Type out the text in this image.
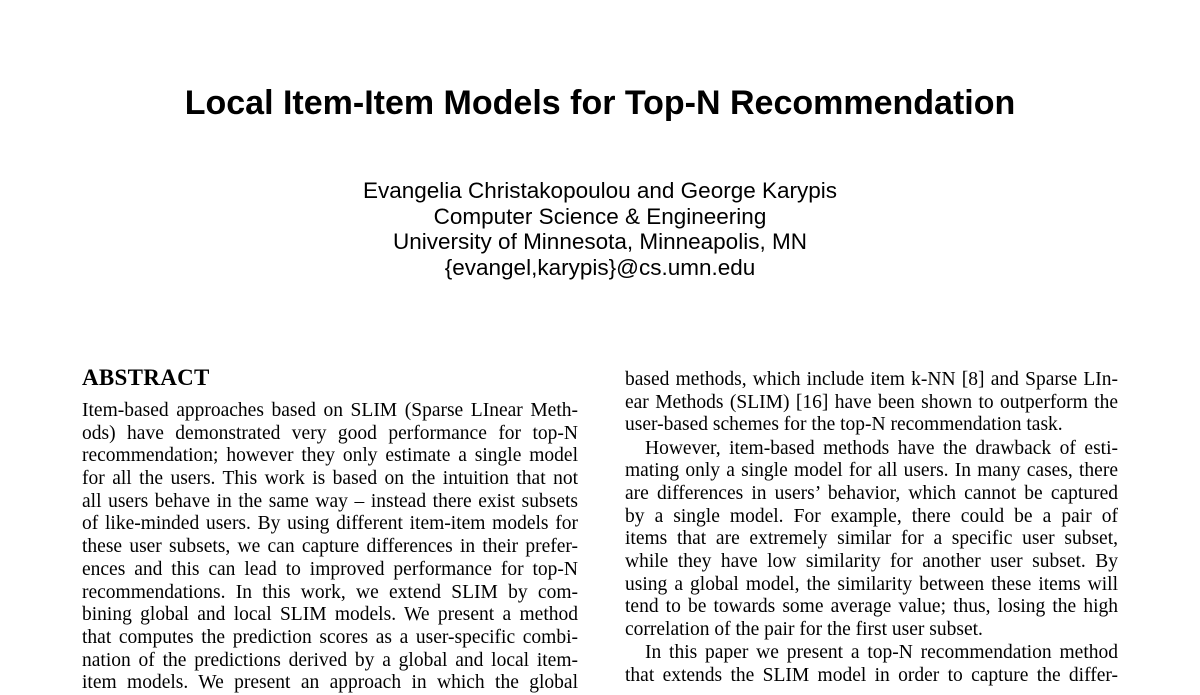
Local Item-Item Models for Top-N Recommendation
Evangelia Christakopoulou and George Karypis
Computer Science & Engineering
University of Minnesota, Minneapolis, MN
{evangel,karypis}@cs.umn.edu
ABSTRACT
Item-based approaches based on SLIM (Sparse LInear Meth-
ods) have demonstrated very good performance for top-N
recommendation; however they only estimate a single model
for all the users. This work is based on the intuition that not
all users behave in the same way – instead there exist subsets
of like-minded users. By using different item-item models for
these user subsets, we can capture differences in their prefer-
ences and this can lead to improved performance for top-N
recommendations. In this work, we extend SLIM by com-
bining global and local SLIM models. We present a method
that computes the prediction scores as a user-specific combi-
nation of the predictions derived by a global and local item-
item models. We present an approach in which the global
based methods, which include item k-NN [8] and Sparse LIn-
ear Methods (SLIM) [16] have been shown to outperform the
user-based schemes for the top-N recommendation task.
However, item-based methods have the drawback of esti-
mating only a single model for all users. In many cases, there
are differences in users’ behavior, which cannot be captured
by a single model. For example, there could be a pair of
items that are extremely similar for a specific user subset,
while they have low similarity for another user subset. By
using a global model, the similarity between these items will
tend to be towards some average value; thus, losing the high
correlation of the pair for the first user subset.
In this paper we present a top-N recommendation method
that extends the SLIM model in order to capture the differ-
